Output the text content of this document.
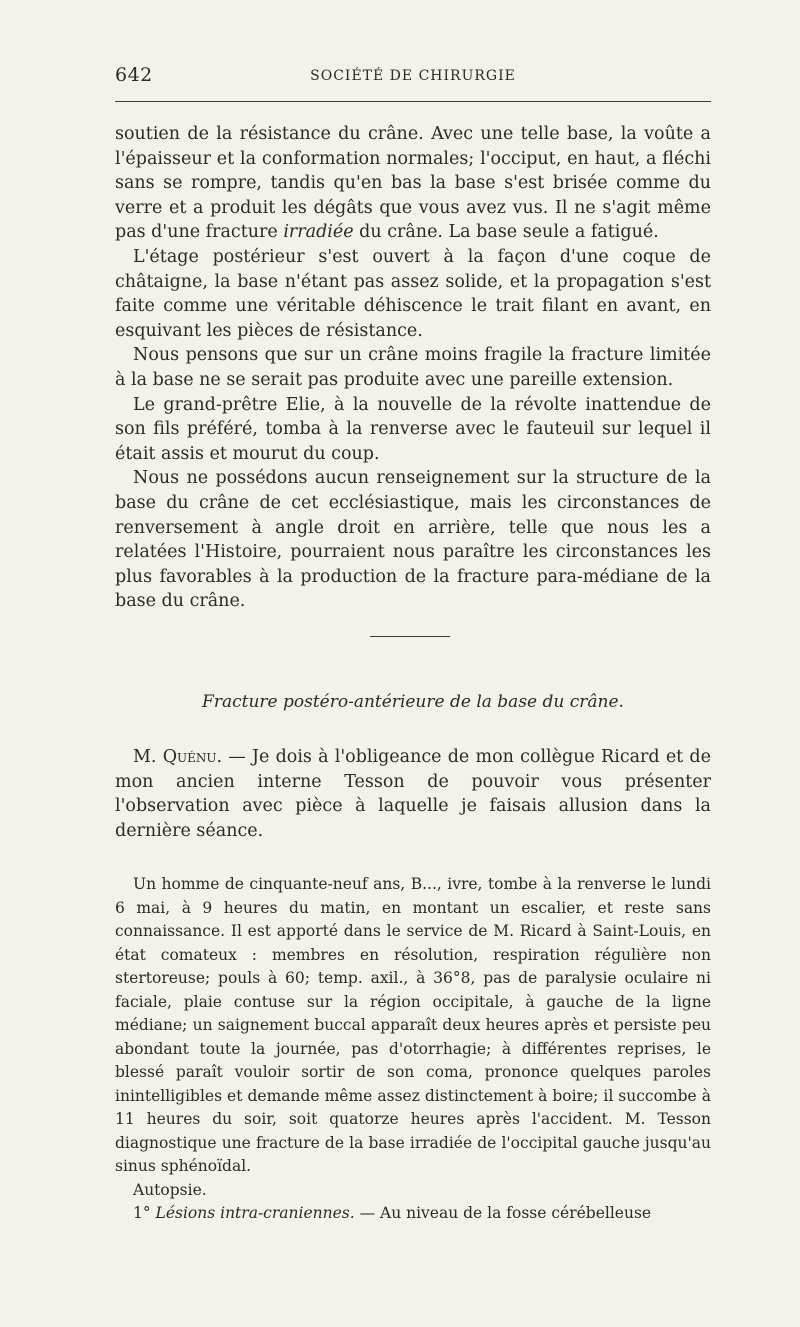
642	SOCIÉTÉ DE CHIRURGIE

soutien de la résistance du crâne. Avec une telle base, la voûte a l'épaisseur et la conformation normales; l'occiput, en haut, a fléchi sans se rompre, tandis qu'en bas la base s'est brisée comme du verre et a produit les dégâts que vous avez vus. Il ne s'agit même pas d'une fracture irradiée du crâne. La base seule a fatigué.

L'étage postérieur s'est ouvert à la façon d'une coque de châtaigne, la base n'étant pas assez solide, et la propagation s'est faite comme une véritable déhiscence le trait filant en avant, en esquivant les pièces de résistance.

Nous pensons que sur un crâne moins fragile la fracture limitée à la base ne se serait pas produite avec une pareille extension.

Le grand-prêtre Elie, à la nouvelle de la révolte inattendue de son fils préféré, tomba à la renverse avec le fauteuil sur lequel il était assis et mourut du coup.

Nous ne possédons aucun renseignement sur la structure de la base du crâne de cet ecclésiastique, mais les circonstances de renversement à angle droit en arrière, telle que nous les a relatées l'Histoire, pourraient nous paraître les circonstances les plus favorables à la production de la fracture para-médiane de la base du crâne.

Fracture postéro-antérieure de la base du crâne.

M. Quénu. — Je dois à l'obligeance de mon collègue Ricard et de mon ancien interne Tesson de pouvoir vous présenter l'observation avec pièce à laquelle je faisais allusion dans la dernière séance.

Un homme de cinquante-neuf ans, B..., ivre, tombe à la renverse le lundi 6 mai, à 9 heures du matin, en montant un escalier, et reste sans connaissance. Il est apporté dans le service de M. Ricard à Saint-Louis, en état comateux : membres en résolution, respiration régulière non stertoreuse; pouls à 60; temp. axil., à 36°8, pas de paralysie oculaire ni faciale, plaie contuse sur la région occipitale, à gauche de la ligne médiane; un saignement buccal apparaît deux heures après et persiste peu abondant toute la journée, pas d'otorrhagie; à différentes reprises, le blessé paraît vouloir sortir de son coma, prononce quelques paroles inintelligibles et demande même assez distinctement à boire; il succombe à 11 heures du soir, soit quatorze heures après l'accident. M. Tesson diagnostique une fracture de la base irradiée de l'occipital gauche jusqu'au sinus sphénoïdal.

Autopsie.

1° Lésions intra-craniennes. — Au niveau de la fosse cérébelleuse
